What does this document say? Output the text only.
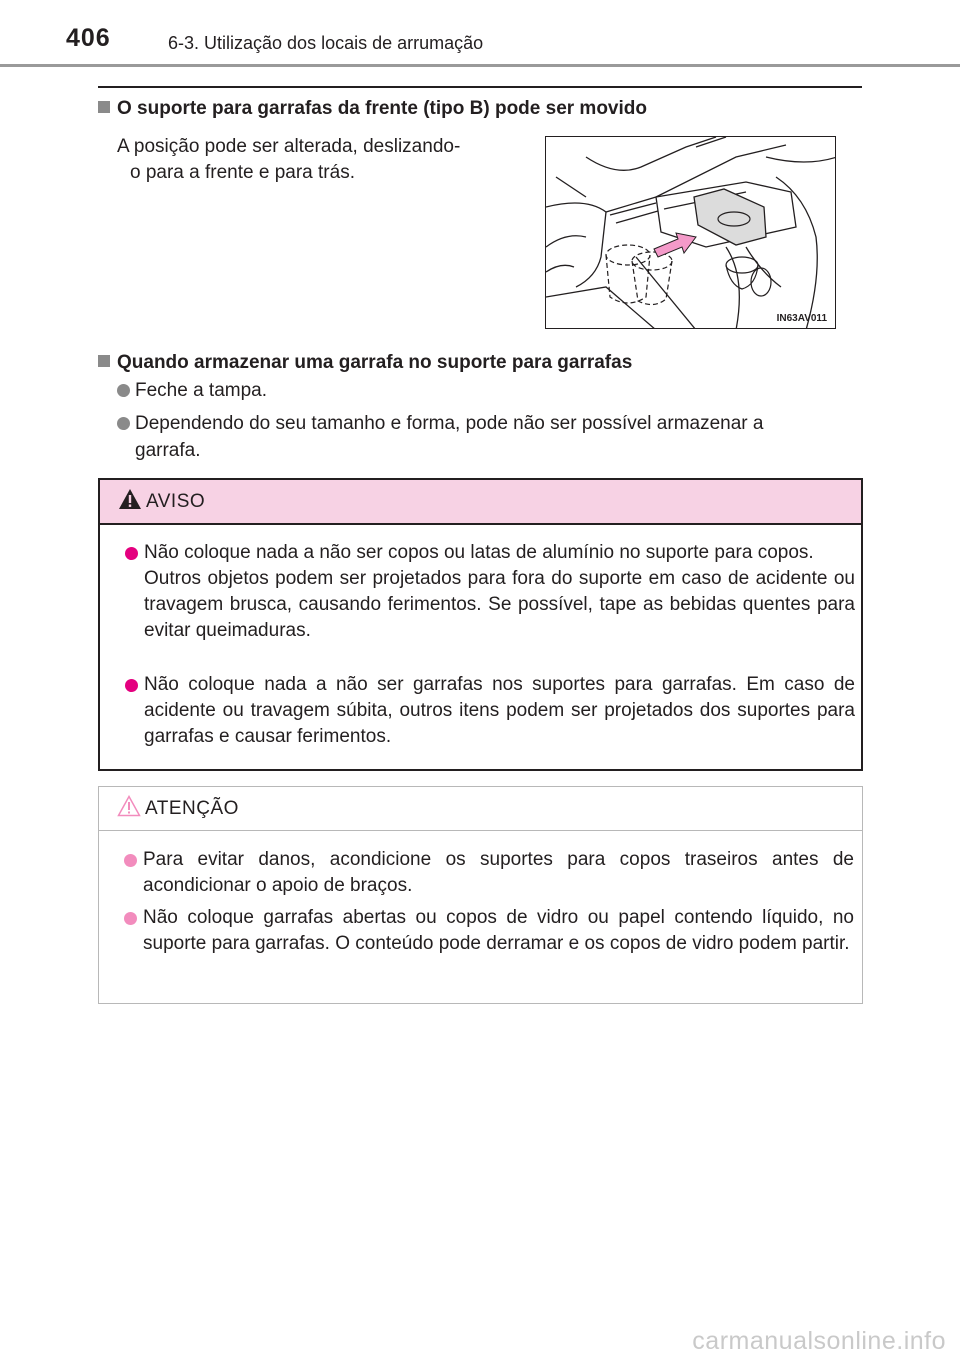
406	6-3. Utilização dos locais de arrumação
O suporte para garrafas da frente (tipo B) pode ser movido
A posição pode ser alterada, deslizando-
o para a frente e para trás.
IN63AV011
Quando armazenar uma garrafa no suporte para garrafas
Feche a tampa.
Dependendo do seu tamanho e forma, pode não ser possível armazenar a
garrafa.
AVISO
Não coloque nada a não ser copos ou latas de alumínio no suporte para copos.
Outros objetos podem ser projetados para fora do suporte em caso de acidente ou travagem brusca, causando ferimentos. Se possível, tape as bebidas quentes para evitar queimaduras.
Não coloque nada a não ser garrafas nos suportes para garrafas. Em caso de acidente ou travagem súbita, outros itens podem ser projetados dos suportes para garrafas e causar ferimentos.
ATENÇÃO
Para evitar danos, acondicione os suportes para copos traseiros antes de acondicionar o apoio de braços.
Não coloque garrafas abertas ou copos de vidro ou papel contendo líquido, no suporte para garrafas. O conteúdo pode derramar e os copos de vidro podem partir.
carmanualsonline.info
